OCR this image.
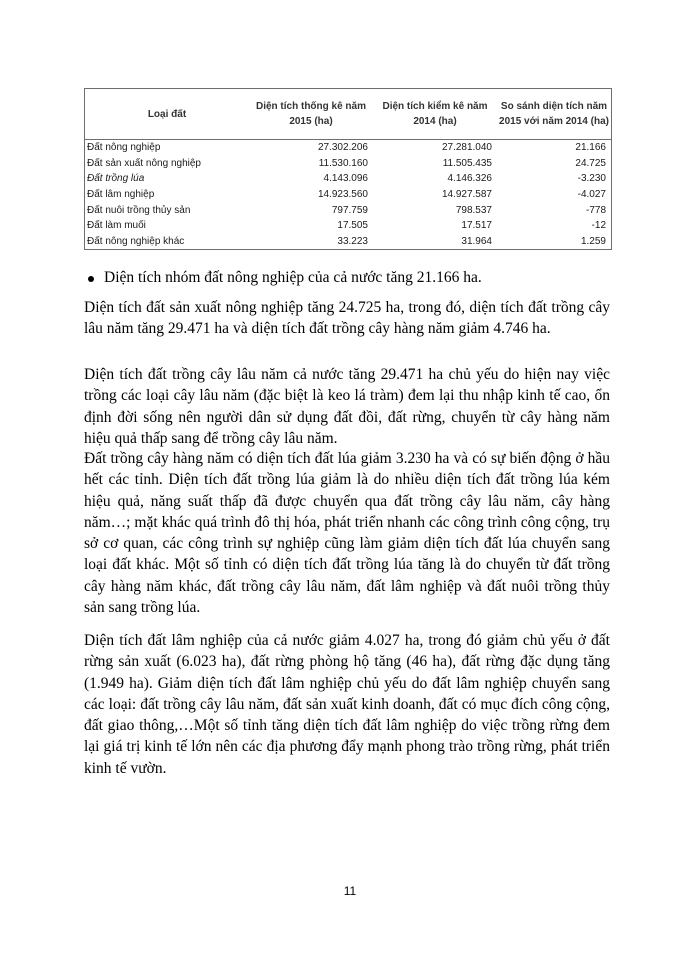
Loại đất	Diện tích thống kê năm 2015 (ha)	Diện tích kiểm kê năm 2014 (ha)	So sánh diện tích năm 2015 với năm 2014 (ha)
Đất nông nghiệp	27.302.206	27.281.040	21.166
Đất sản xuất nông nghiệp	11.530.160	11.505.435	24.725
Đất trồng lúa	4.143.096	4.146.326	-3.230
Đất lâm nghiệp	14.923.560	14.927.587	-4.027
Đất nuôi trồng thủy sản	797.759	798.537	-778
Đất làm muối	17.505	17.517	-12
Đất nông nghiệp khác	33.223	31.964	1.259
Diện tích nhóm đất nông nghiệp của cả nước tăng 21.166 ha.

Diện tích đất sản xuất nông nghiệp tăng 24.725 ha, trong đó, diện tích đất trồng cây lâu năm tăng 29.471 ha và diện tích đất trồng cây hàng năm giảm 4.746 ha.

Diện tích đất trồng cây lâu năm cả nước tăng 29.471 ha chủ yếu do hiện nay việc trồng các loại cây lâu năm (đặc biệt là keo lá tràm) đem lại thu nhập kinh tế cao, ổn định đời sống nên người dân sử dụng đất đồi, đất rừng, chuyển từ cây hàng năm hiệu quả thấp sang để trồng cây lâu năm.

Đất trồng cây hàng năm có diện tích đất lúa giảm 3.230 ha và có sự biến động ở hầu hết các tỉnh. Diện tích đất trồng lúa giảm là do nhiều diện tích đất trồng lúa kém hiệu quả, năng suất thấp đã được chuyển qua đất trồng cây lâu năm, cây hàng năm…; mặt khác quá trình đô thị hóa, phát triển nhanh các công trình công cộng, trụ sở cơ quan, các công trình sự nghiệp cũng làm giảm diện tích đất lúa chuyển sang loại đất khác. Một số tỉnh có diện tích đất trồng lúa tăng là do chuyển từ đất trồng cây hàng năm khác, đất trồng cây lâu năm, đất lâm nghiệp và đất nuôi trồng thủy sản sang trồng lúa.

Diện tích đất lâm nghiệp của cả nước giảm 4.027 ha, trong đó giảm chủ yếu ở đất rừng sản xuất (6.023 ha), đất rừng phòng hộ tăng (46 ha), đất rừng đặc dụng tăng (1.949 ha). Giảm diện tích đất lâm nghiệp chủ yếu do đất lâm nghiệp chuyển sang các loại: đất trồng cây lâu năm, đất sản xuất kinh doanh, đất có mục đích công cộng, đất giao thông,…Một số tỉnh tăng diện tích đất lâm nghiệp do việc trồng rừng đem lại giá trị kinh tế lớn nên các địa phương đẩy mạnh phong trào trồng rừng, phát triển kinh tế vườn.

11
